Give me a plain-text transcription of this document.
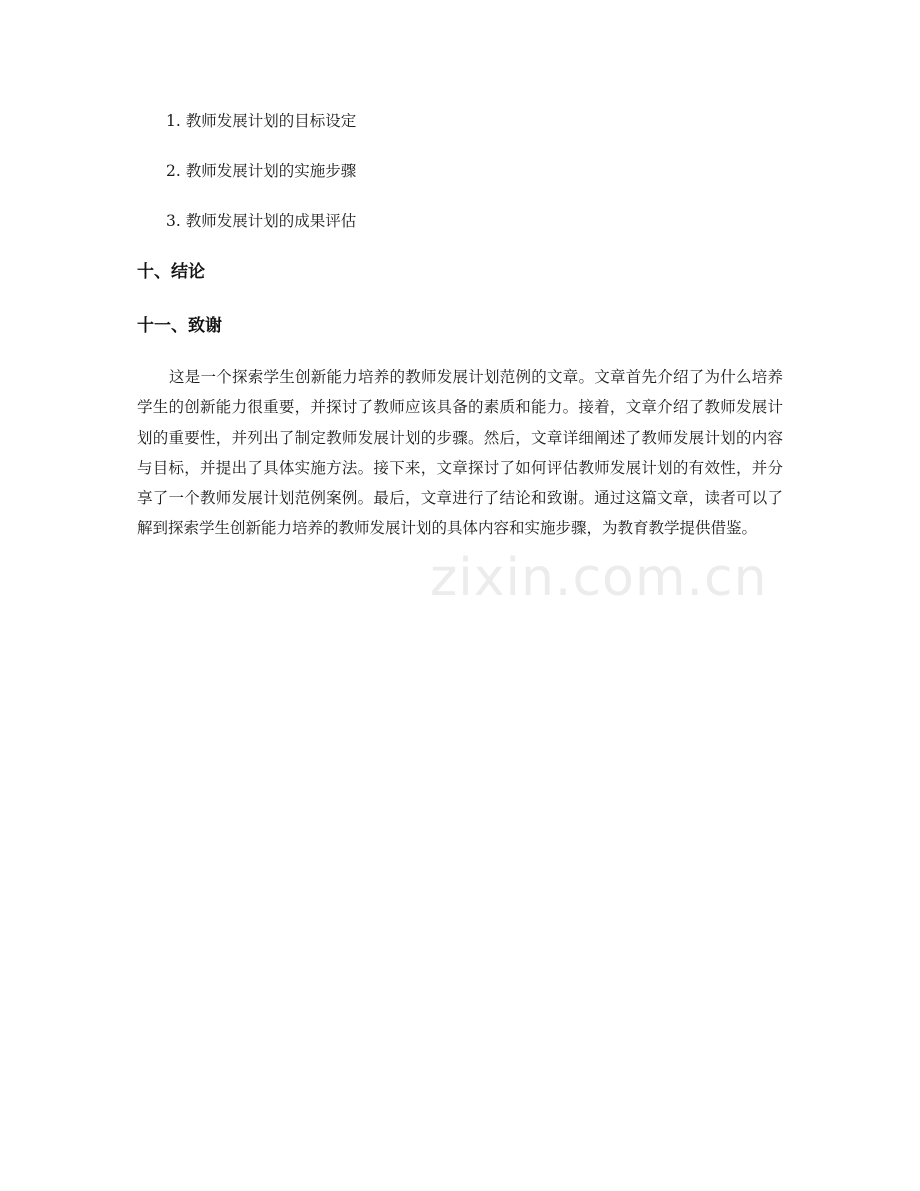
1. 教师发展计划的目标设定
2. 教师发展计划的实施步骤
3. 教师发展计划的成果评估
十、结论
十一、致谢

这是一个探索学生创新能力培养的教师发展计划范例的文章。文章首先介绍了为什么培养学生的创新能力很重要，并探讨了教师应该具备的素质和能力。接着，文章介绍了教师发展计划的重要性，并列出了制定教师发展计划的步骤。然后，文章详细阐述了教师发展计划的内容与目标，并提出了具体实施方法。接下来，文章探讨了如何评估教师发展计划的有效性，并分享了一个教师发展计划范例案例。最后，文章进行了结论和致谢。通过这篇文章，读者可以了解到探索学生创新能力培养的教师发展计划的具体内容和实施步骤，为教育教学提供借鉴。

zixin.com.cn
